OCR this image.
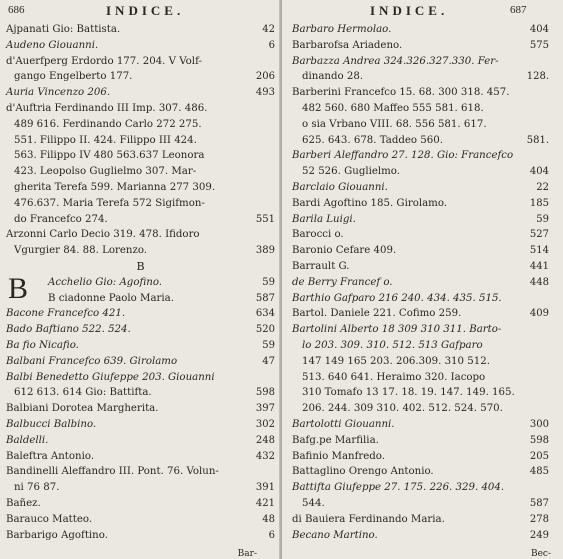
686	INDICE.
Ajpanati Gio: Battista.	42
Audeno Giouanni.	6
d'Auerfperg Erdordo 177. 204. V Volf-
gango Engelberto 177.	206
Auria Vincenzo 206.	493
d'Auftria Ferdinando III Imp. 307. 486.
489 616. Ferdinando Carlo 272 275.
551. Filippo II. 424. Filippo III 424.
563. Filippo IV 480 563.637 Leonora
423. Leopolso Guglielmo 307. Mar-
gherita Terefa 599. Marianna 277 309.
476.637. Maria Terefa 572 Sigifmon-
do Francefco 274.	551
Arzonni Carlo Decio 319. 478. Ifidoro
Vgurgier 84. 88. Lorenzo.	389
B
B Acchelio Gio: Agofino.	59
B ciadonne Paolo Maria.	587
Bacone Francefco 421.	634
Bado Baftiano 522. 524.	520
Ba fio Nicafio.	59
Balbani Francefco 639. Girolamo	47
Balbi Benedetto Giufeppe 203. Giouanni
612 613. 614 Gio: Battifta.	598
Balbiani Dorotea Margherita.	397
Balbucci Balbino.	302
Baldelli.	248
Baleftra Antonio.	432
Bandinelli Aleffandro III. Pont. 76. Volun-
ni 76 87.	391
Bañez.	421
Barauco Matteo.	48
Barbarigo Agoftino.	6
Bar-
INDICE.	687
Barbaro Hermolao.	404
Barbarofsa Ariadeno.	575
Barbazza Andrea 324.326.327.330. Fer-
dinando 28.	128.
Barberini Francefco 15. 68. 300 318. 457.
482 560. 680 Maffeo 555 581. 618.
o sia Vrbano VIII. 68. 556 581. 617.
625. 643. 678. Taddeo 560.	581.
Barberi Aleffandro 27. 128. Gio: Francefco
52 526. Guglielmo.	404
Barclaio Giouanni.	22
Bardi Agoftino 185. Girolamo.	185
Barila Luigi.	59
Barocci o.	527
Baronio Cefare 409.	514
Barrault G.	441
de Berry Francef o.	448
Barthio Gafparo 216 240. 434. 435. 515.
Bartol. Daniele 221. Cofimo 259.	409
Bartolini Alberto 18 309 310 311. Barto-
lo 203. 309. 310. 512. 513 Gafparo
147 149 165 203. 206.309. 310 512.
513. 640 641. Heraimo 320. Iacopo
310 Tomafo 13 17. 18. 19. 147. 149. 165.
206. 244. 309 310. 402. 512. 524. 570.
Bartolotti Giouanni.	300
Bafg.pe Marfilia.	598
Bafinio Manfredo.	205
Battaglino Orengo Antonio.	485
Battifta Giufeppe 27. 175. 226. 329. 404.
544.	587
di Bauiera Ferdinando Maria.	278
Becano Martino.	249
Bec-
